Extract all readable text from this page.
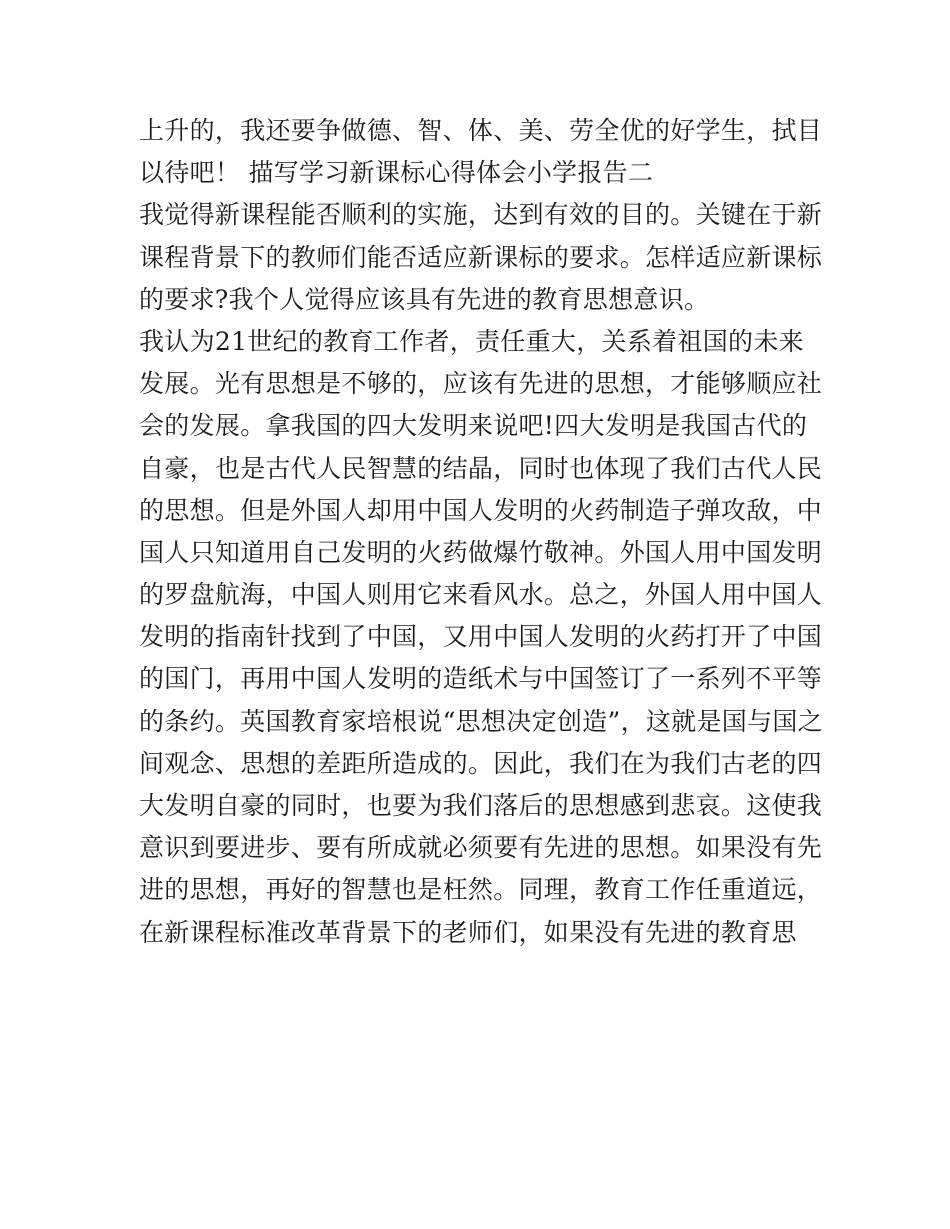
上升的，我还要争做德、智、体、美、劳全优的好学生，拭目
以待吧！ 描写学习新课标心得体会小学报告二
我觉得新课程能否顺利的实施，达到有效的目的。关键在于新
课程背景下的教师们能否适应新课标的要求。怎样适应新课标
的要求?我个人觉得应该具有先进的教育思想意识。
我认为21世纪的教育工作者，责任重大，关系着祖国的未来
发展。光有思想是不够的，应该有先进的思想，才能够顺应社
会的发展。拿我国的四大发明来说吧!四大发明是我国古代的
自豪，也是古代人民智慧的结晶，同时也体现了我们古代人民
的思想。但是外国人却用中国人发明的火药制造子弹攻敌，中
国人只知道用自己发明的火药做爆竹敬神。外国人用中国发明
的罗盘航海，中国人则用它来看风水。总之，外国人用中国人
发明的指南针找到了中国，又用中国人发明的火药打开了中国
的国门，再用中国人发明的造纸术与中国签订了一系列不平等
的条约。英国教育家培根说“思想决定创造”，这就是国与国之
间观念、思想的差距所造成的。因此，我们在为我们古老的四
大发明自豪的同时，也要为我们落后的思想感到悲哀。这使我
意识到要进步、要有所成就必须要有先进的思想。如果没有先
进的思想，再好的智慧也是枉然。同理，教育工作任重道远，
在新课程标准改革背景下的老师们，如果没有先进的教育思
